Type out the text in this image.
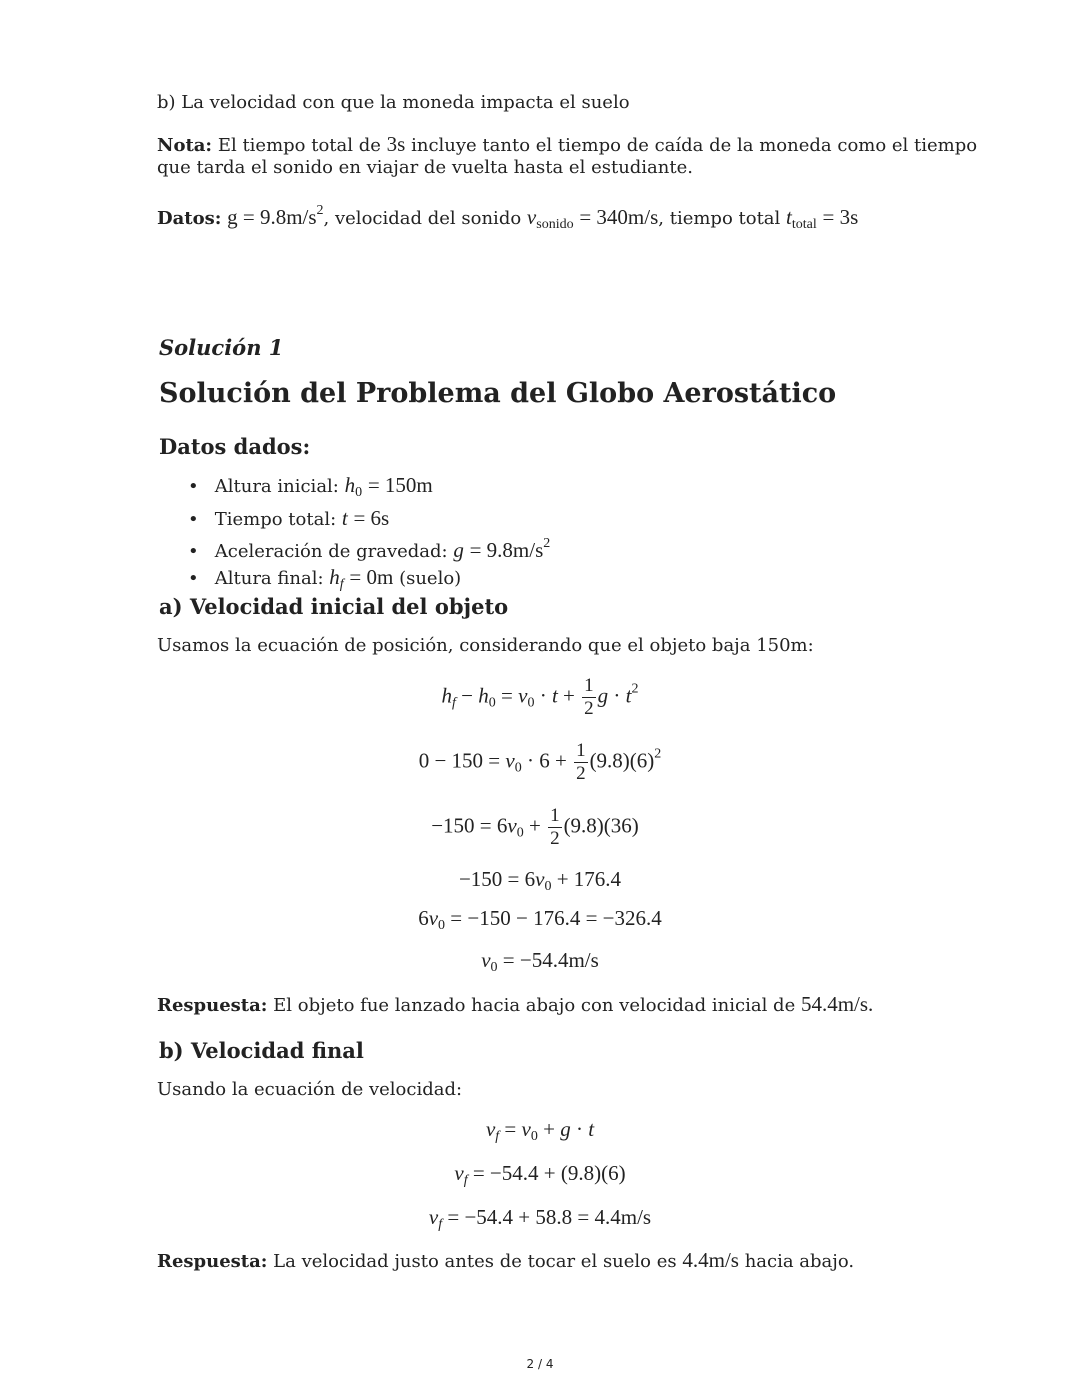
b) La velocidad con que la moneda impacta el suelo
Nota: El tiempo total de 3s incluye tanto el tiempo de caída de la moneda como el tiempo
que tarda el sonido en viajar de vuelta hasta el estudiante.
Datos: $g = 9.8m/s^2$, velocidad del sonido $v_{sonido} = 340m/s$, tiempo total $t_{total} = 3s$
Solución 1
Solución del Problema del Globo Aerostático
Datos dados:
• Altura inicial: $h_0 = 150m$
• Tiempo total: t = 6s
• Aceleración de gravedad: $g = 9.8m/s^2$
• Altura final: $h_f = 0m$ (suelo)
a) Velocidad inicial del objeto
Usamos la ecuación de posición, considerando que el objeto baja 150m:
hf − $h_0 = v_0 \cdot t + \frac{1}{2}$ $g \cdot t^2$
$0 - 150 = v_0 \cdot 6 + \frac{1}{2} (9.8)(6)^2$
$-150 = 6v_0 + \frac{1}{2} (9.8)(36)$
$-150 = 6v_0 + 176.4$
$6v_0 = -150 - 176.4 = -326.4$
$v_0 = -54.4m/s$
Respuesta: El objeto fue lanzado hacia abajo con velocidad inicial de 54.4m/s.
b) Velocidad final
Usando la ecuación de velocidad:
vf = $v_0 + g \cdot t$
vf = −54.4 + (9.8)(6)
vf = −54.4 + 58.8 = 4.4m/s
Respuesta: La velocidad justo antes de tocar el suelo es 4.4m/s hacia abajo.
2 / 4
